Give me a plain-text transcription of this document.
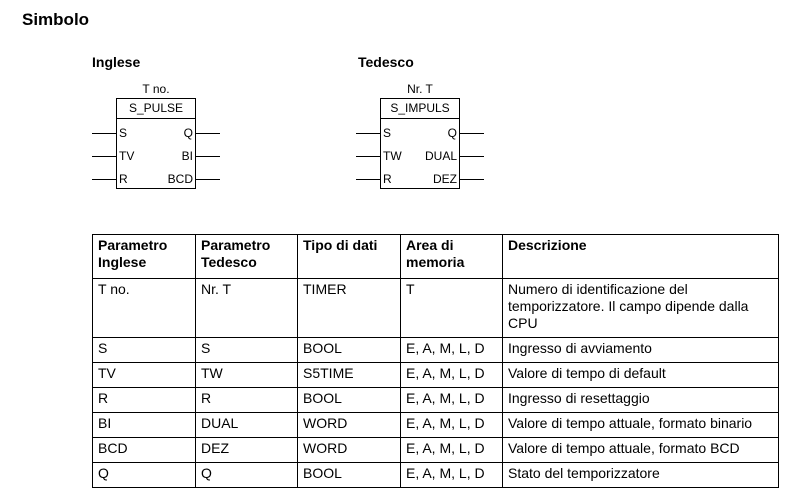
Simbolo
Inglese
T no.
S_PULSE
S
TV
R
Q
BI
BCD
Tedesco
Nr. T
S_IMPULS
S
TW
R
Q
DUAL
DEZ
Parametro Inglese	Parametro Tedesco	Tipo di dati	Area di memoria	Descrizione
T no.	Nr. T	TIMER	T	Numero di identificazione del temporizzatore. Il campo dipende dalla CPU
S	S	BOOL	E, A, M, L, D	Ingresso di avviamento
TV	TW	S5TIME	E, A, M, L, D	Valore di tempo di default
R	R	BOOL	E, A, M, L, D	Ingresso di resettaggio
BI	DUAL	WORD	E, A, M, L, D	Valore di tempo attuale, formato binario
BCD	DEZ	WORD	E, A, M, L, D	Valore di tempo attuale, formato BCD
Q	Q	BOOL	E, A, M, L, D	Stato del temporizzatore
